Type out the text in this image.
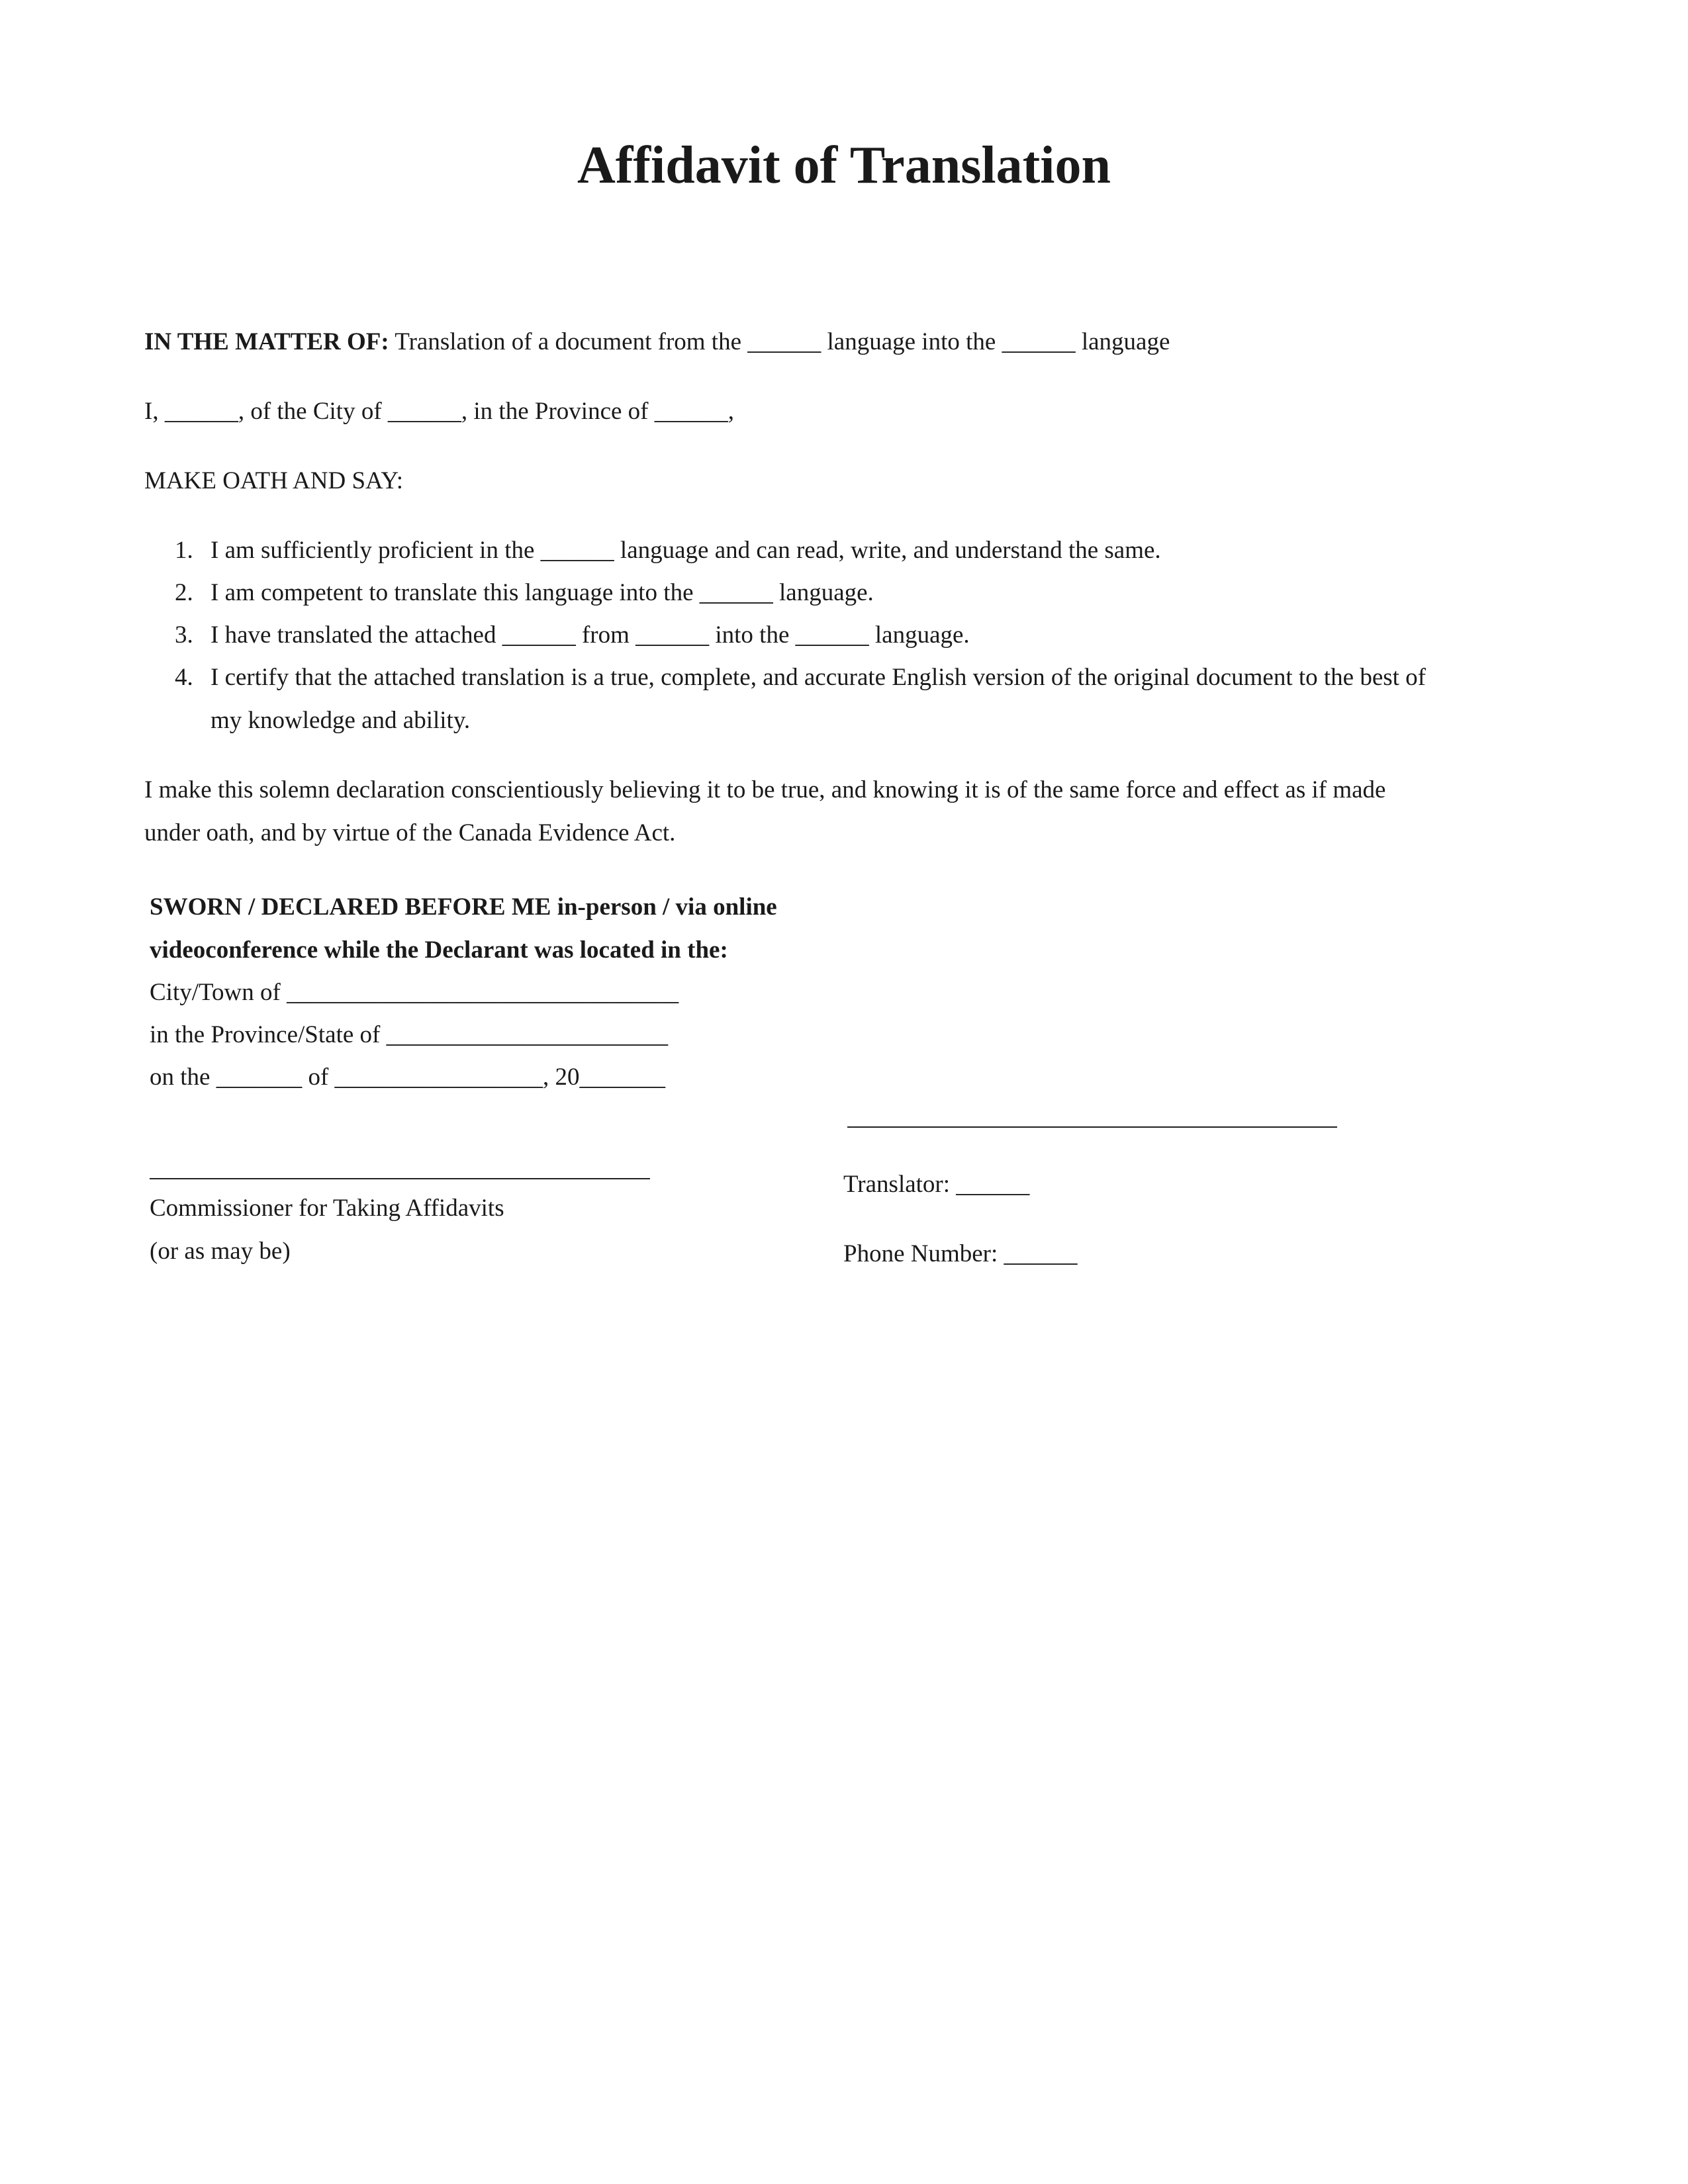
Affidavit of Translation
IN THE MATTER OF: Translation of a document from the ______ language into the ______ language
I, ______, of the City of ______, in the Province of ______,
MAKE OATH AND SAY:
1. I am sufficiently proficient in the ______ language and can read, write, and understand the same.
2. I am competent to translate this language into the ______ language.
3. I have translated the attached ______ from ______ into the ______ language.
4. I certify that the attached translation is a true, complete, and accurate English version of the original document to the best of
my knowledge and ability.
I make this solemn declaration conscientiously believing it to be true, and knowing it is of the same force and effect as if made
under oath, and by virtue of the Canada Evidence Act.
SWORN / DECLARED BEFORE ME in-person / via online
videoconference while the Declarant was located in the:
City/Town of ________________________________
in the Province/State of _______________________
on the _______ of _________________, 20_______
Translator: ______
Commissioner for Taking Affidavits
(or as may be)	Phone Number: ______
